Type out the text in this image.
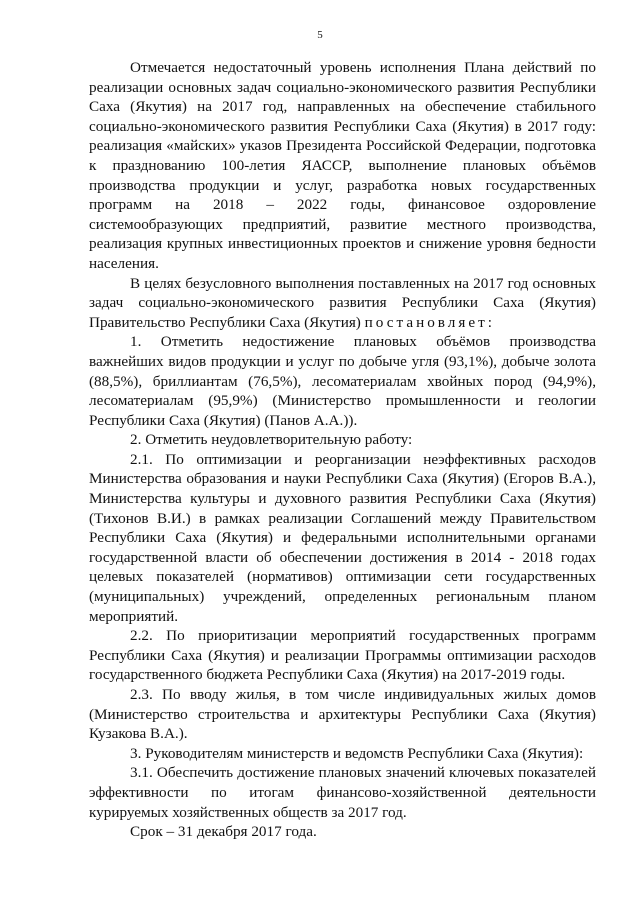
5

Отмечается недостаточный уровень исполнения Плана действий по реализации основных задач социально-экономического развития Республики Саха (Якутия) на 2017 год, направленных на обеспечение стабильного социально-экономического развития Республики Саха (Якутия) в 2017 году: реализация «майских» указов Президента Российской Федерации, подготовка к празднованию 100-летия ЯАССР, выполнение плановых объёмов производства продукции и услуг, разработка новых государственных программ на 2018 – 2022 годы, финансовое оздоровление системообразующих предприятий, развитие местного производства, реализация крупных инвестиционных проектов и снижение уровня бедности населения.

В целях безусловного выполнения поставленных на 2017 год основных задач социально-экономического развития Республики Саха (Якутия) Правительство Республики Саха (Якутия) постановляет:

1. Отметить недостижение плановых объёмов производства важнейших видов продукции и услуг по добыче угля (93,1%), добыче золота (88,5%), бриллиантам (76,5%), лесоматериалам хвойных пород (94,9%), лесоматериалам (95,9%) (Министерство промышленности и геологии Республики Саха (Якутия) (Панов А.А.)).

2. Отметить неудовлетворительную работу:

2.1. По оптимизации и реорганизации неэффективных расходов Министерства образования и науки Республики Саха (Якутия) (Егоров В.А.), Министерства культуры и духовного развития Республики Саха (Якутия) (Тихонов В.И.) в рамках реализации Соглашений между Правительством Республики Саха (Якутия) и федеральными исполнительными органами государственной власти об обеспечении достижения в 2014 - 2018 годах целевых показателей (нормативов) оптимизации сети государственных (муниципальных) учреждений, определенных региональным планом мероприятий.

2.2. По приоритизации мероприятий государственных программ Республики Саха (Якутия) и реализации Программы оптимизации расходов государственного бюджета Республики Саха (Якутия) на 2017-2019 годы.

2.3. По вводу жилья, в том числе индивидуальных жилых домов (Министерство строительства и архитектуры Республики Саха (Якутия) Кузакова В.А.).

3. Руководителям министерств и ведомств Республики Саха (Якутия):

3.1. Обеспечить достижение плановых значений ключевых показателей эффективности по итогам финансово-хозяйственной деятельности курируемых хозяйственных обществ за 2017 год.

Срок – 31 декабря 2017 года.
